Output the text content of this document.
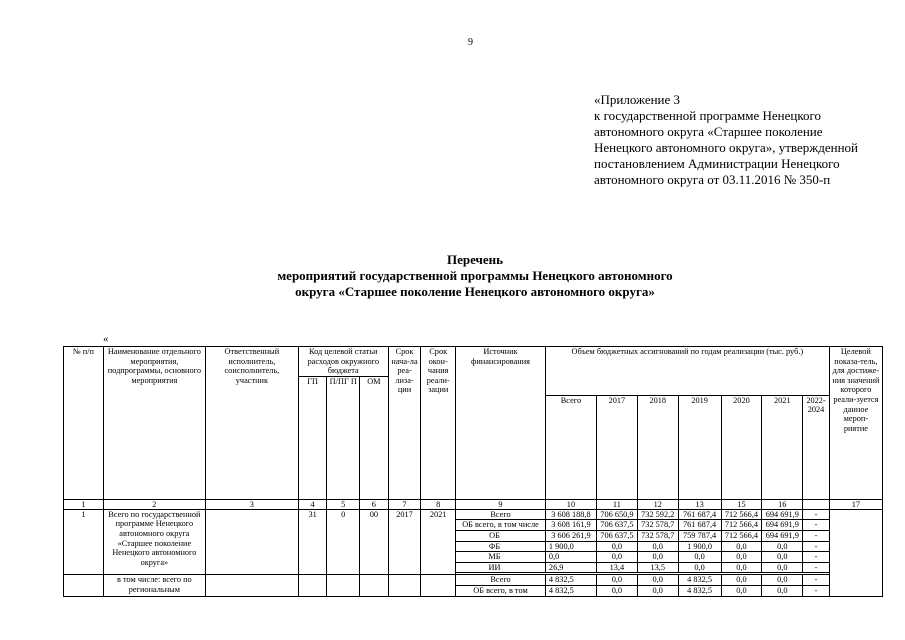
9
«Приложение 3
к государственной программе Ненецкого
автономного округа «Старшее поколение
Ненецкого автономного округа», утвержденной
постановлением Администрации Ненецкого
автономного округа от 03.11.2016 № 350-п
Перечень
мероприятий государственной программы Ненецкого автономного
округа «Старшее поколение Ненецкого автономного округа»
«
№ п/п	Наименование отдельного мероприятия, подпрограммы, основного мероприятия	Ответственный исполнитель, соисполнитель, участник	Код целевой статьи расходов окружного бюджета			Срок нача-ла реа-лиза-ции	Срок окон-чания реали-зации	Источник финансирования	Объем бюджетных ассигнований по годам реализации (тыс. руб.)							Целевой показа-тель, для достиже-ния значений которого реали-зуется данное мероп-риятие
			ГП	П/ПГ П	ОМ											
									Всего	2017	2018	2019	2020	2021	2022-2024	
1	2	3	4	5	6	7	8	9	10	11	12	13	15	16		17
1	Всего по государственной программе Ненецкого автономного округа «Старшее поколение Ненецкого автономного округа»		31	0	00	2017	2021	Всего	3 608 188,8	706 650,9	732 592,2	761 687,4	712 566,4	694 691,9	-	
								ОБ всего, в том числе	3 608 161,9	706 637,5	732 578,7	761 687,4	712 566,4	694 691,9	-	
								ОБ	3 606 261,9	706 637,5	732 578,7	759 787,4	712 566,4	694 691,9	-	
								ФБ	1 900,0	0,0	0,0	1 900,0	0,0	0,0	-	
								МБ	0,0	0,0	0,0	0,0	0,0	0,0	-	
								ИИ	26,9	13,4	13,5	0,0	0,0	0,0	-	

	в том числе: всего по региональным							Всего	4 832,5	0,0	0,0	4 832,5	0,0	0,0	-	
								ОБ всего, в том	4 832,5	0,0	0,0	4 832,5	0,0	0,0	-	
